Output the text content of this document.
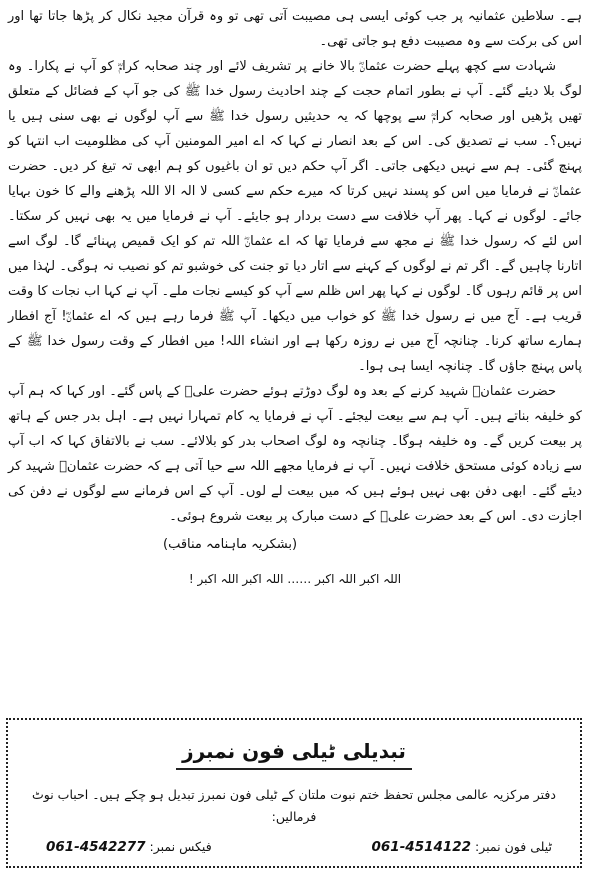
ہے۔ سلاطین عثمانیہ پر جب کوئی ایسی ہی مصیبت آتی تھی تو وہ قرآن مجید نکال کر پڑھا جاتا تھا اور اس کی برکت سے وہ مصیبت دفع ہو جاتی تھی۔

شہادت سے کچھ پہلے حضرت عثمانؓ بالا خانے پر تشریف لائے اور چند صحابہ کرامؓ کو آپ نے پکارا۔ وہ لوگ بلا دیئے گئے۔ آپ نے بطور اتمام حجت کے چند احادیث رسول خدا ﷺ کی جو آپ کے فضائل کے متعلق تھیں پڑھیں اور صحابہ کرامؓ سے پوچھا کہ یہ حدیثیں رسول خدا ﷺ سے آپ لوگوں نے بھی سنی ہیں یا نہیں؟۔ سب نے تصدیق کی۔ اس کے بعد انصار نے کہا کہ اے امیر المومنین آپ کی مظلومیت اب انتہا کو پہنچ گئی۔ ہم سے نہیں دیکھی جاتی۔ اگر آپ حکم دیں تو ان باغیوں کو ہم ابھی تہ تیغ کر دیں۔ حضرت عثمانؓ نے فرمایا میں اس کو پسند نہیں کرتا کہ میرے حکم سے کسی لا الہ الا اللہ پڑھنے والے کا خون بہایا جائے۔ لوگوں نے کہا۔ پھر آپ خلافت سے دست بردار ہو جایئے۔ آپ نے فرمایا میں یہ بھی نہیں کر سکتا۔ اس لئے کہ رسول خدا ﷺ نے مجھ سے فرمایا تھا کہ اے عثمانؓ اللہ تم کو ایک قمیص پہنائے گا۔ لوگ اسے اتارنا چاہیں گے۔ اگر تم نے لوگوں کے کہنے سے اتار دیا تو جنت کی خوشبو تم کو نصیب نہ ہوگی۔ لہٰذا میں اس پر قائم رہوں گا۔ لوگوں نے کہا پھر اس ظلم سے آپ کو کیسے نجات ملے۔ آپ نے کہا اب نجات کا وقت قریب ہے۔ آج میں نے رسول خدا ﷺ کو خواب میں دیکھا۔ آپ ﷺ فرما رہے ہیں کہ اے عثمانؓ! آج افطار ہمارے ساتھ کرنا۔ چنانچہ آج میں نے روزہ رکھا ہے اور انشاء اللہ! میں افطار کے وقت رسول خدا ﷺ کے پاس پہنچ جاؤں گا۔ چنانچہ ایسا ہی ہوا۔

حضرت عثمانؓ شہید کرنے کے بعد وہ لوگ دوڑتے ہوئے حضرت علیؓ کے پاس گئے۔ اور کہا کہ ہم آپ کو خلیفہ بناتے ہیں۔ آپ ہم سے بیعت لیجئے۔ آپ نے فرمایا یہ کام تمہارا نہیں ہے۔ اہل بدر جس کے ہاتھ پر بیعت کریں گے۔ وہ خلیفہ ہوگا۔ چنانچہ وہ لوگ اصحاب بدر کو بلالائے۔ سب نے بالاتفاق کہا کہ اب آپ سے زیادہ کوئی مستحق خلافت نہیں۔ آپ نے فرمایا مجھے اللہ سے حیا آتی ہے کہ حضرت عثمانؓ شہید کر دیئے گئے۔ ابھی دفن بھی نہیں ہوئے ہیں کہ میں بیعت لے لوں۔ آپ کے اس فرمانے سے لوگوں نے دفن کی اجازت دی۔ اس کے بعد حضرت علیؓ کے دست مبارک پر بیعت شروع ہوئی۔

(بشکریہ ماہنامہ مناقب)
اللہ اکبر اللہ اکبر …… اللہ اکبر اللہ اکبر !
تبدیلی ٹیلی فون نمبرز
دفتر مرکزیہ عالمی مجلس تحفظ ختم نبوت ملتان کے ٹیلی فون نمبرز تبدیل ہو چکے ہیں۔ احباب نوٹ فرمالیں:
ٹیلی فون نمبر: 061-4514122
فیکس نمبر: 061-4542277
